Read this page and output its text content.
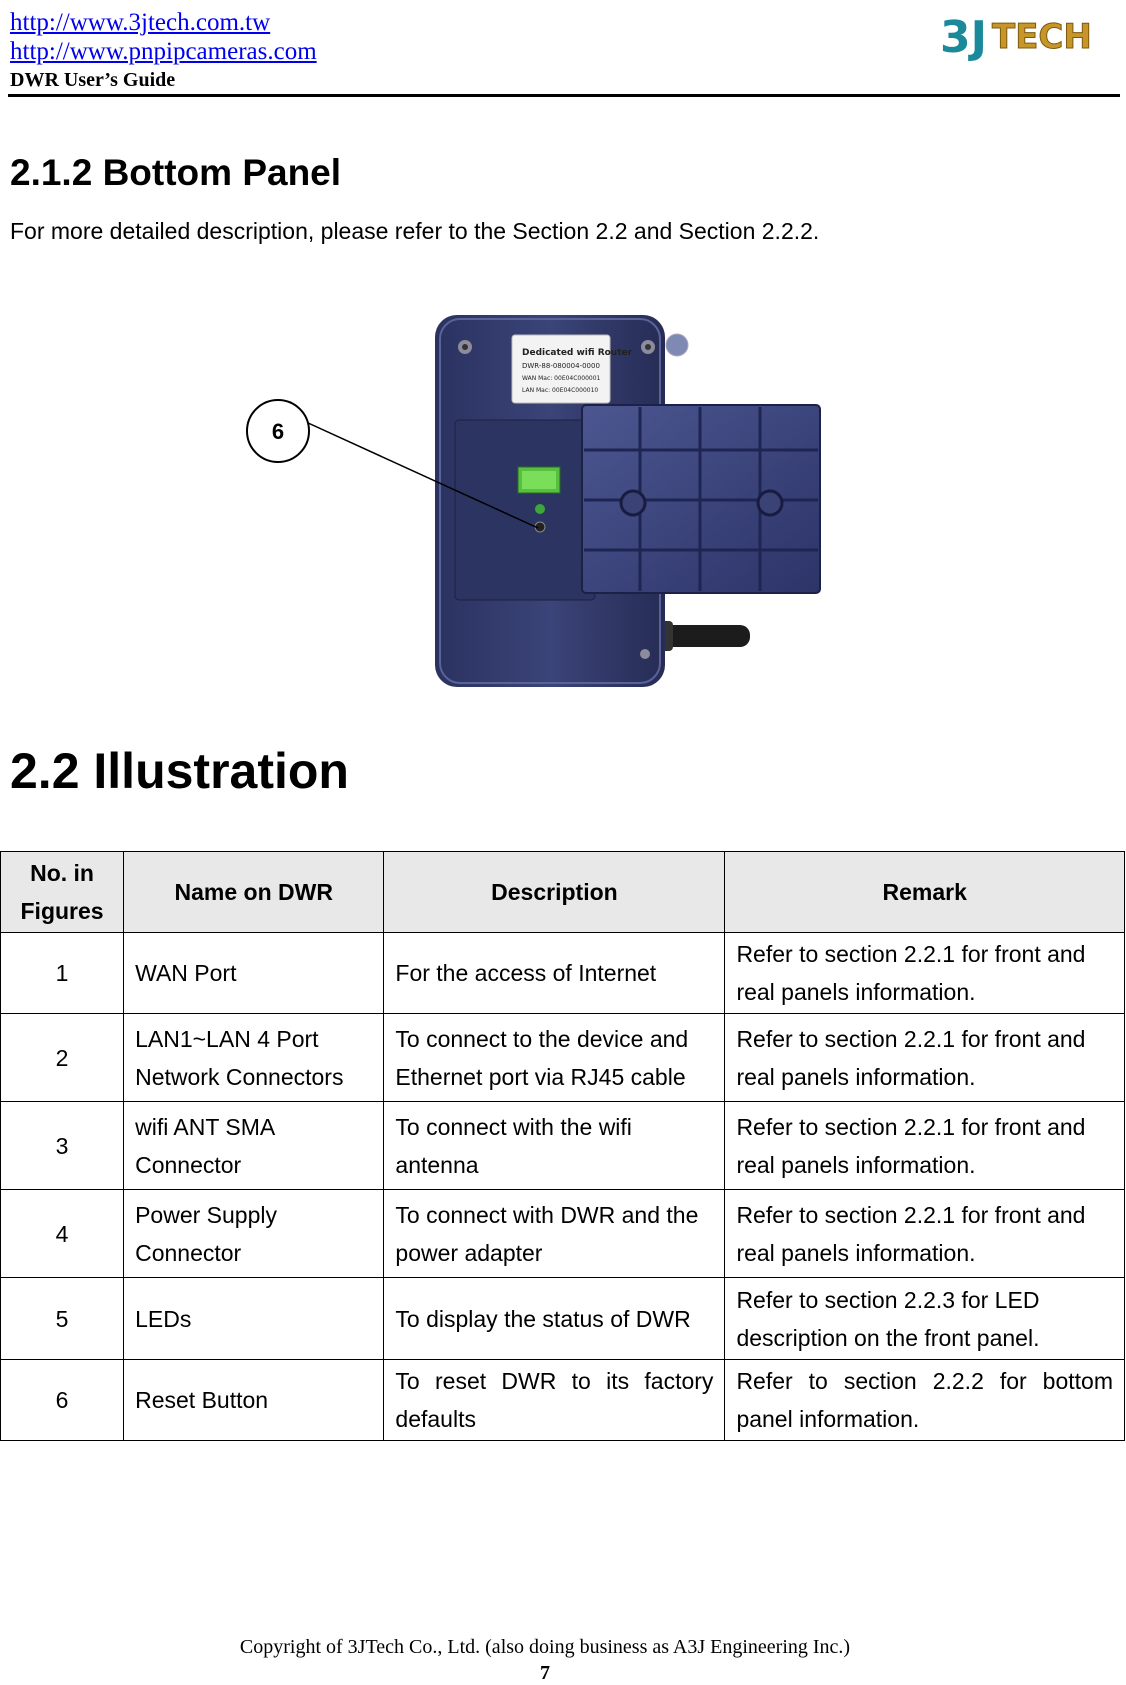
http://www.3jtech.com.tw
http://www.pnpipcameras.com
DWR User’s Guide
3J TECH
2.1.2 Bottom Panel

For more detailed description, please refer to the Section 2.2 and Section 2.2.2.

Dedicated wifi Router
DWR-88-080004-0000
WAN Mac: 00E04C000001
LAN Mac: 00E04C000010
6
2.2 Illustration
No. in Figures	Name on DWR	Description	Remark
1	WAN Port	For the access of Internet	Refer to section 2.2.1 for front and real panels information.
2	LAN1~LAN 4 Port Network Connectors	To connect to the device and Ethernet port via RJ45 cable	Refer to section 2.2.1 for front and real panels information.
3	wifi ANT SMA Connector	To connect with the wifi antenna	Refer to section 2.2.1 for front and real panels information.
4	Power Supply Connector	To connect with DWR and the power adapter	Refer to section 2.2.1 for front and real panels information.
5	LEDs	To display the status of DWR	Refer to section 2.2.3 for LED description on the front panel.
6	Reset Button	To reset DWR to its factory defaults	Refer to section 2.2.2 for bottom panel information.
Copyright of 3JTech Co., Ltd. (also doing business as A3J Engineering Inc.)
7
